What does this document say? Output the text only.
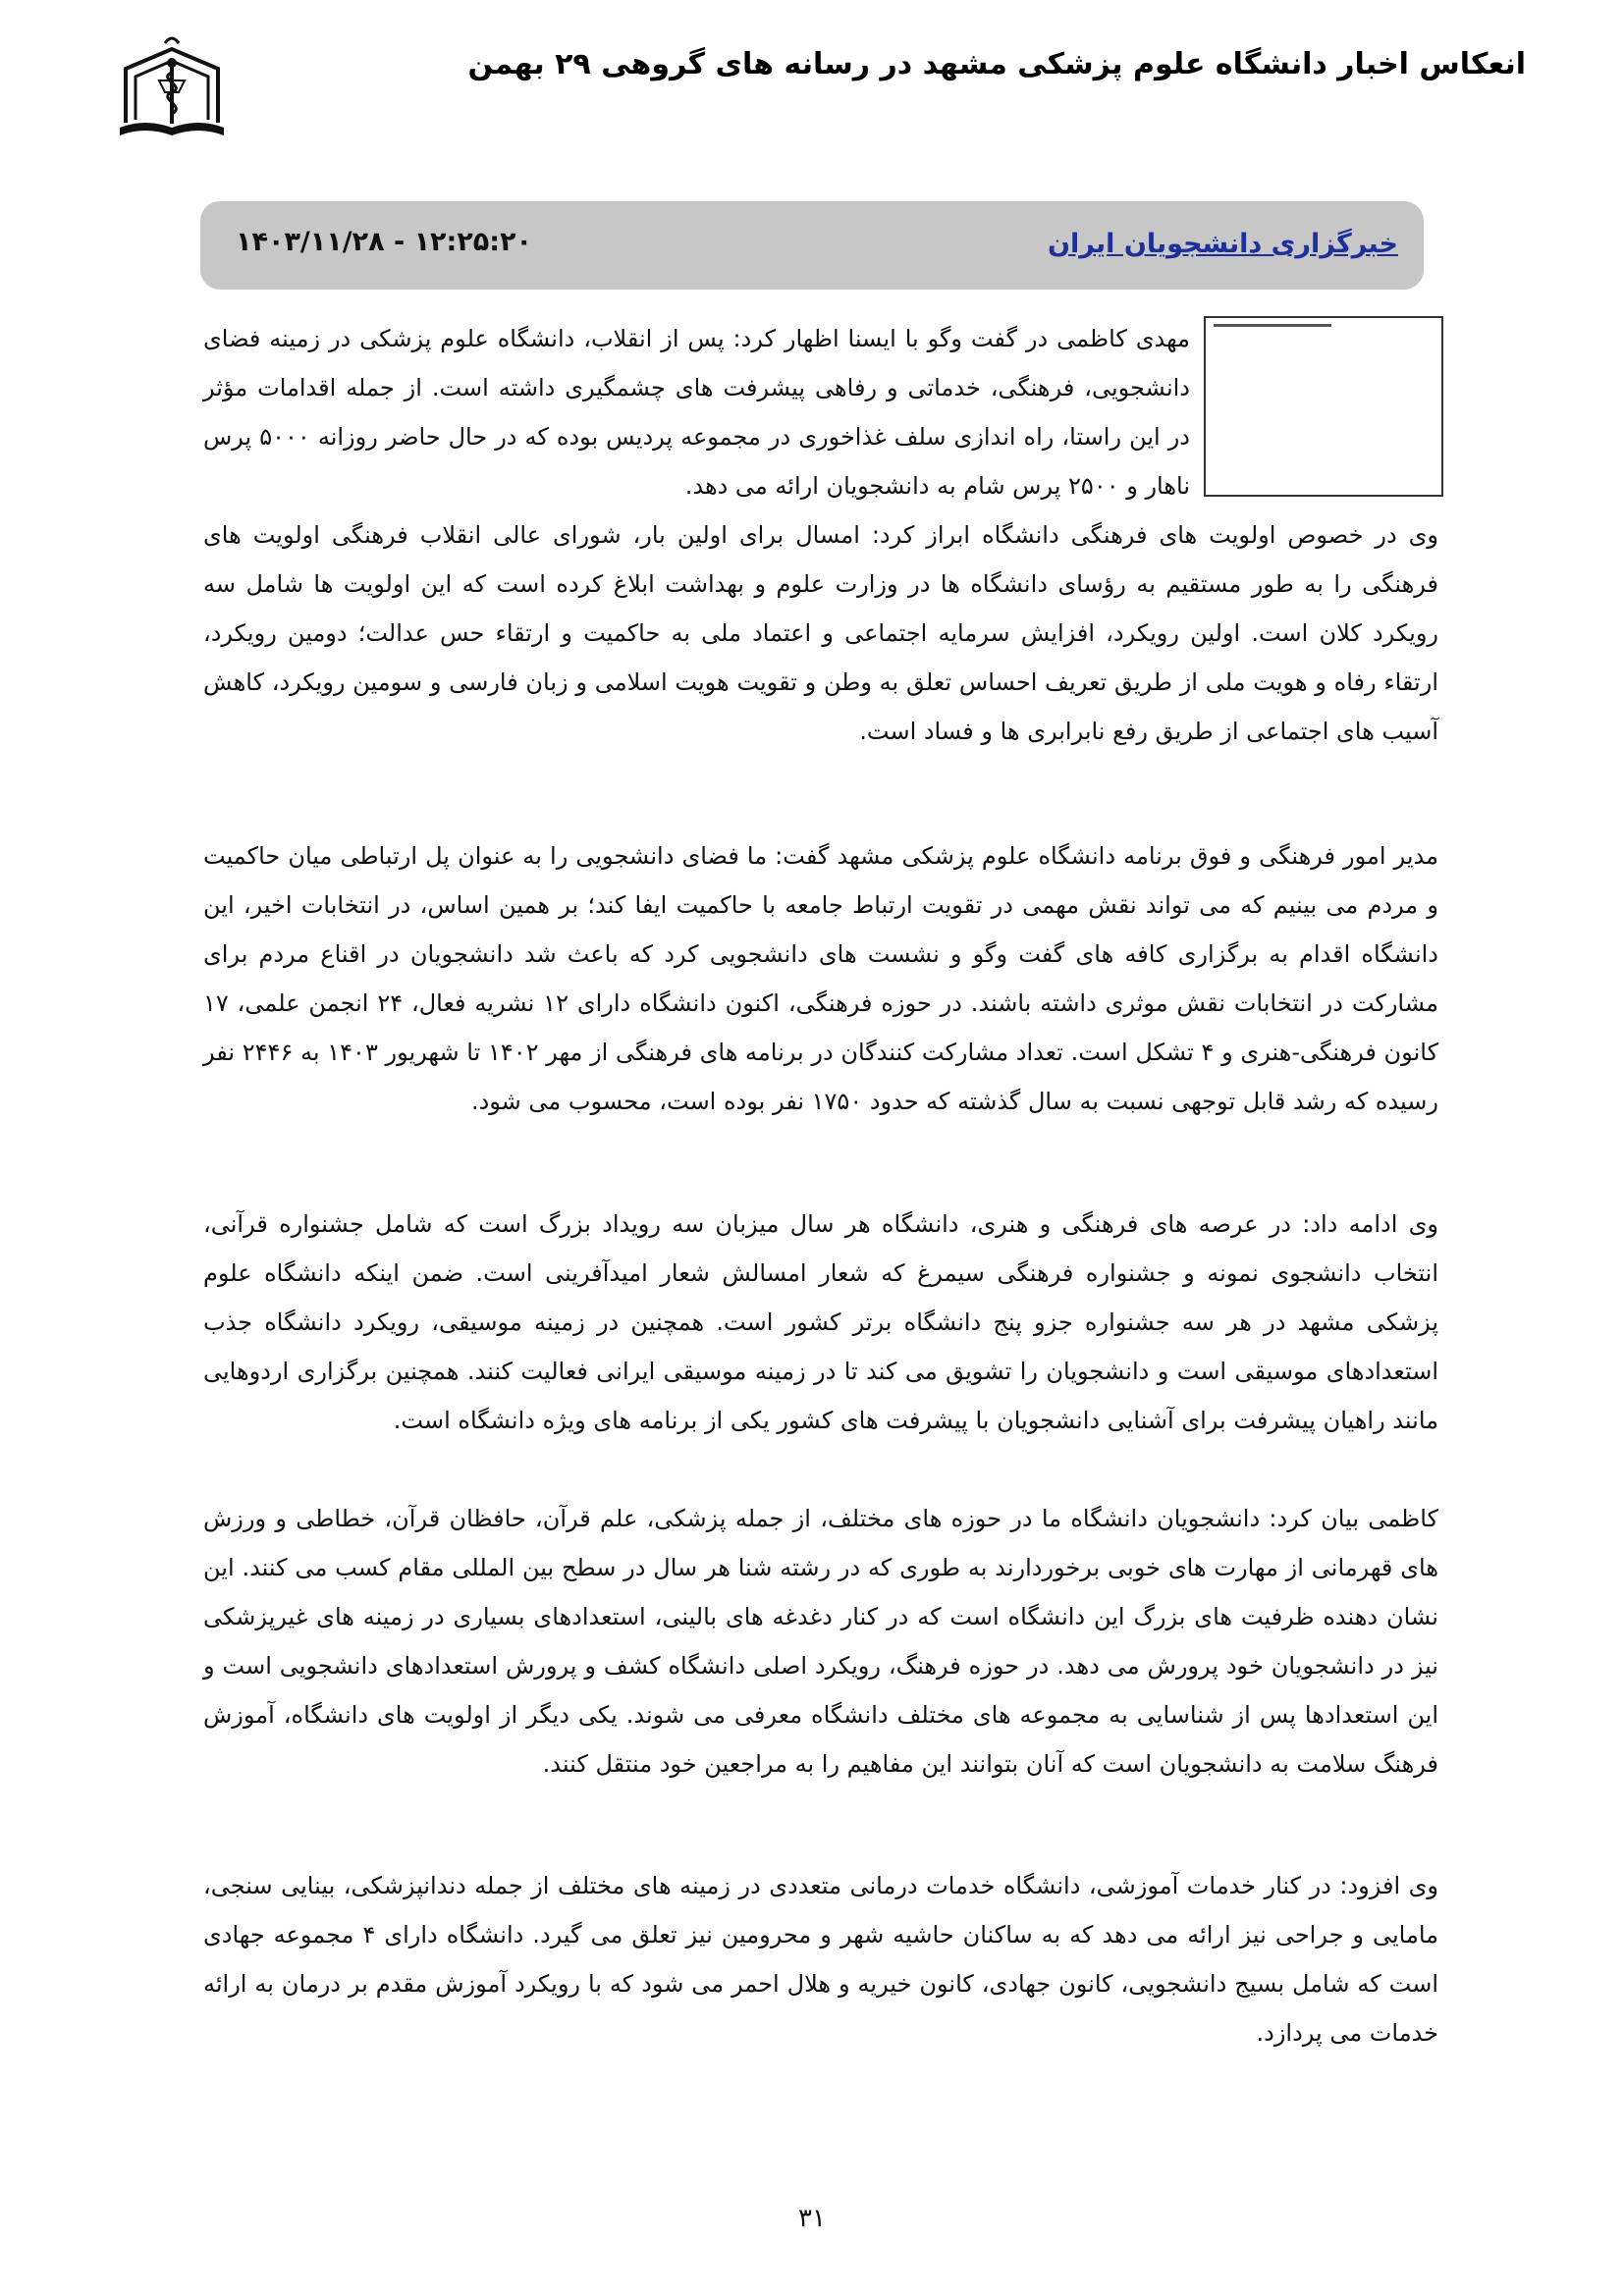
انعکاس اخبار دانشگاه علوم پزشکی مشهد در رسانه های گروهی ۲۹ بهمن
خبرگزاری دانشجویان ایران
۱۴۰۳/۱۱/۲۸ - ۱۲:۲۵:۲۰
مهدی کاظمی در گفت وگو با ایسنا اظهار کرد: پس از انقلاب، دانشگاه علوم پزشکی در زمینه فضای دانشجویی، فرهنگی، خدماتی و رفاهی پیشرفت های چشمگیری داشته است. از جمله اقدامات مؤثر در این راستا، راه اندازی سلف غذاخوری در مجموعه پردیس بوده که در حال حاضر روزانه ۵۰۰۰ پرس ناهار و ۲۵۰۰ پرس شام به دانشجویان ارائه می دهد.
وی در خصوص اولویت های فرهنگی دانشگاه ابراز کرد: امسال برای اولین بار، شورای عالی انقلاب فرهنگی اولویت های فرهنگی را به طور مستقیم به رؤسای دانشگاه ها در وزارت علوم و بهداشت ابلاغ کرده است که این اولویت ها شامل سه رویکرد کلان است. اولین رویکرد، افزایش سرمایه اجتماعی و اعتماد ملی به حاکمیت و ارتقاء حس عدالت؛ دومین رویکرد، ارتقاء رفاه و هویت ملی از طریق تعریف احساس تعلق به وطن و تقویت هویت اسلامی و زبان فارسی و سومین رویکرد، کاهش آسیب های اجتماعی از طریق رفع نابرابری ها و فساد است.
مدیر امور فرهنگی و فوق برنامه دانشگاه علوم پزشکی مشهد گفت: ما فضای دانشجویی را به عنوان پل ارتباطی میان حاکمیت و مردم می بینیم که می تواند نقش مهمی در تقویت ارتباط جامعه با حاکمیت ایفا کند؛ بر همین اساس، در انتخابات اخیر، این دانشگاه اقدام به برگزاری کافه های گفت وگو و نشست های دانشجویی کرد که باعث شد دانشجویان در اقناع مردم برای مشارکت در انتخابات نقش موثری داشته باشند. در حوزه فرهنگی، اکنون دانشگاه دارای ۱۲ نشریه فعال، ۲۴ انجمن علمی، ۱۷ کانون فرهنگی-هنری و ۴ تشکل است. تعداد مشارکت کنندگان در برنامه های فرهنگی از مهر ۱۴۰۲ تا شهریور ۱۴۰۳ به ۲۴۴۶ نفر رسیده که رشد قابل توجهی نسبت به سال گذشته که حدود ۱۷۵۰ نفر بوده است، محسوب می شود.
وی ادامه داد: در عرصه های فرهنگی و هنری، دانشگاه هر سال میزبان سه رویداد بزرگ است که شامل جشنواره قرآنی، انتخاب دانشجوی نمونه و جشنواره فرهنگی سیمرغ که شعار امسالش شعار امیدآفرینی است. ضمن اینکه دانشگاه علوم پزشکی مشهد در هر سه جشنواره جزو پنج دانشگاه برتر کشور است. همچنین در زمینه موسیقی، رویکرد دانشگاه جذب استعدادهای موسیقی است و دانشجویان را تشویق می کند تا در زمینه موسیقی ایرانی فعالیت کنند. همچنین برگزاری اردوهایی مانند راهیان پیشرفت برای آشنایی دانشجویان با پیشرفت های کشور یکی از برنامه های ویژه دانشگاه است.
کاظمی بیان کرد: دانشجویان دانشگاه ما در حوزه های مختلف، از جمله پزشکی، علم قرآن، حافظان قرآن، خطاطی و ورزش های قهرمانی از مهارت های خوبی برخوردارند به طوری که در رشته شنا هر سال در سطح بین المللی مقام کسب می کنند. این نشان دهنده ظرفیت های بزرگ این دانشگاه است که در کنار دغدغه های بالینی، استعدادهای بسیاری در زمینه های غیرپزشکی نیز در دانشجویان خود پرورش می دهد. در حوزه فرهنگ، رویکرد اصلی دانشگاه کشف و پرورش استعدادهای دانشجویی است و این استعدادها پس از شناسایی به مجموعه های مختلف دانشگاه معرفی می شوند. یکی دیگر از اولویت های دانشگاه، آموزش فرهنگ سلامت به دانشجویان است که آنان بتوانند این مفاهیم را به مراجعین خود منتقل کنند.
وی افزود: در کنار خدمات آموزشی، دانشگاه خدمات درمانی متعددی در زمینه های مختلف از جمله دندانپزشکی، بینایی سنجی، مامایی و جراحی نیز ارائه می دهد که به ساکنان حاشیه شهر و محرومین نیز تعلق می گیرد. دانشگاه دارای ۴ مجموعه جهادی است که شامل بسیج دانشجویی، کانون جهادی، کانون خیریه و هلال احمر می شود که با رویکرد آموزش مقدم بر درمان به ارائه خدمات می پردازد.
۳۱
